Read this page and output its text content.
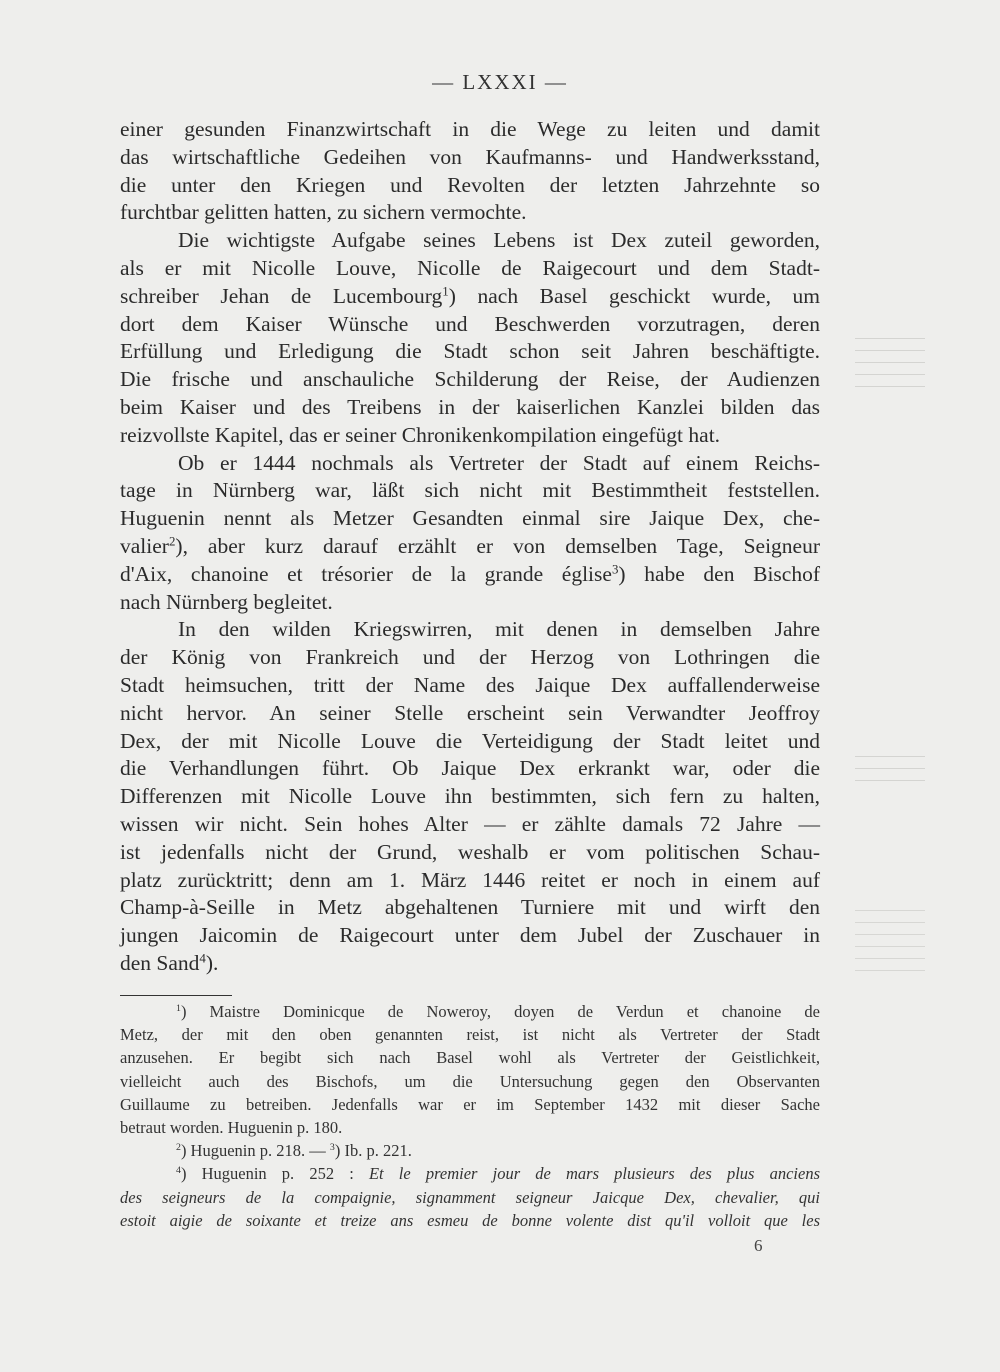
— LXXXI —
einer gesunden Finanzwirtschaft in die Wege zu leiten und damit
das wirtschaftliche Gedeihen von Kaufmanns- und Handwerksstand,
die unter den Kriegen und Revolten der letzten Jahrzehnte so
furchtbar gelitten hatten, zu sichern vermochte.
Die wichtigste Aufgabe seines Lebens ist Dex zuteil geworden,
als er mit Nicolle Louve, Nicolle de Raigecourt und dem Stadt-
schreiber Jehan de Lucembourg$^1$) nach Basel geschickt wurde, um
dort dem Kaiser Wünsche und Beschwerden vorzutragen, deren
Erfüllung und Erledigung die Stadt schon seit Jahren beschäftigte.
Die frische und anschauliche Schilderung der Reise, der Audienzen
beim Kaiser und des Treibens in der kaiserlichen Kanzlei bilden das
reizvollste Kapitel, das er seiner Chronikenkompilation eingefügt hat.
Ob er 1444 nochmals als Vertreter der Stadt auf einem Reichs-
tage in Nürnberg war, läßt sich nicht mit Bestimmtheit feststellen.
Huguenin nennt als Metzer Gesandten einmal sire Jaique Dex, che-
valier$^2$), aber kurz darauf erzählt er von demselben Tage, Seigneur
d'Aix, chanoine et trésorier de la grande église$^3$) habe den Bischof
nach Nürnberg begleitet.
In den wilden Kriegswirren, mit denen in demselben Jahre
der König von Frankreich und der Herzog von Lothringen die
Stadt heimsuchen, tritt der Name des Jaique Dex auffallenderweise
nicht hervor. An seiner Stelle erscheint sein Verwandter Jeoffroy
Dex, der mit Nicolle Louve die Verteidigung der Stadt leitet und
die Verhandlungen führt. Ob Jaique Dex erkrankt war, oder die
Differenzen mit Nicolle Louve ihn bestimmten, sich fern zu halten,
wissen wir nicht. Sein hohes Alter — er zählte damals 72 Jahre —
ist jedenfalls nicht der Grund, weshalb er vom politischen Schau-
platz zurücktritt; denn am 1. März 1446 reitet er noch in einem auf
Champ-à-Seille in Metz abgehaltenen Turniere mit und wirft den
jungen Jaicomin de Raigecourt unter dem Jubel der Zuschauer in
den Sand$^4$).
$^1$) Maistre Dominicque de Noweroy, doyen de Verdun et chanoine de
Metz, der mit den oben genannten reist, ist nicht als Vertreter der Stadt
anzusehen. Er begibt sich nach Basel wohl als Vertreter der Geistlichkeit,
vielleicht auch des Bischofs, um die Untersuchung gegen den Observanten
Guillaume zu betreiben. Jedenfalls war er im September 1432 mit dieser Sache
betraut worden. Huguenin p. 180.
$^2$) Huguenin p. 218. — $^3$) Ib. p. 221.
$^4$) Huguenin p. 252 : Et le premier jour de mars plusieurs des plus anciens
des seigneurs de la compaignie, signamment seigneur Jaicque Dex, chevalier, qui
estoit aigie de soixante et treize ans esmeu de bonne volente dist qu'il volloit que les
6
